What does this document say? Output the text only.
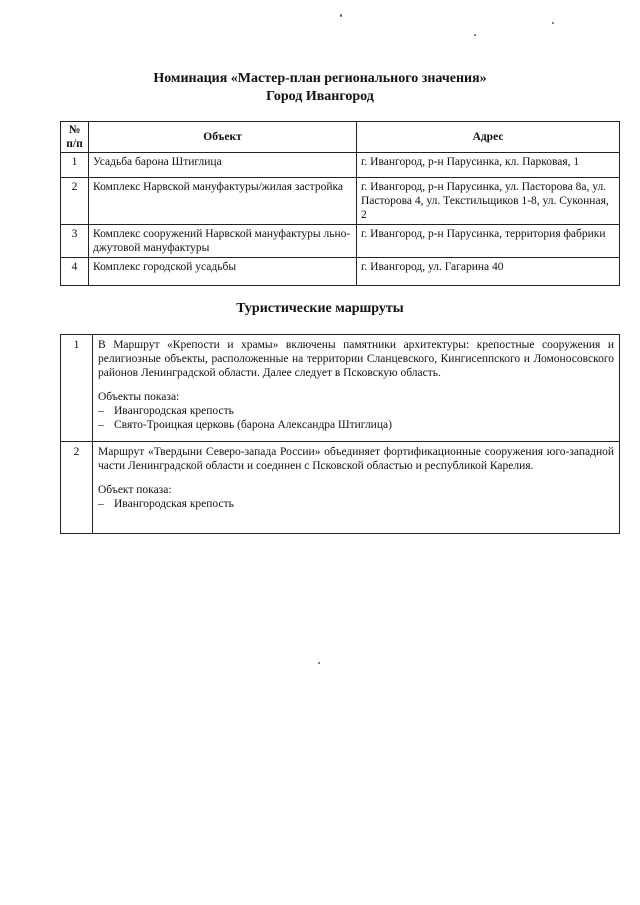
Номинация «Мастер-план регионального значения»
Город Ивангород
№ п/п	Объект	Адрес
1	Усадьба барона Штиглица	г. Ивангород, р-н Парусинка, кл. Парковая, 1
2	Комплекс Нарвской мануфактуры/жилая застройка	г. Ивангород, р-н Парусинка, ул. Пасторова 8а, ул. Пасторова 4, ул. Текстильщиков 1-8, ул. Суконная, 2
3	Комплекс сооружений Нарвской мануфактуры льно-джутовой мануфактуры	г. Ивангород, р-н Парусинка, территория фабрики
4	Комплекс городской усадьбы	г. Ивангород, ул. Гагарина 40
Туристические маршруты
1	В Маршрут «Крепости и храмы» включены памятники архитектуры: крепостные сооружения и религиозные объекты, расположенные на территории Сланцевского, Кингисеппского и Ломоносовского районов Ленинградской области. Далее следует в Псковскую область.

Объекты показа:

– Ивангородская крепость

– Свято-Троицкая церковь (барона Александра Штиглица)

2	Маршрут «Твердыни Северо-запада России» объединяет фортификационные сооружения юго-западной части Ленинградской области и соединен с Псковской областью и республикой Карелия.

Объект показа:

– Ивангородская крепость
